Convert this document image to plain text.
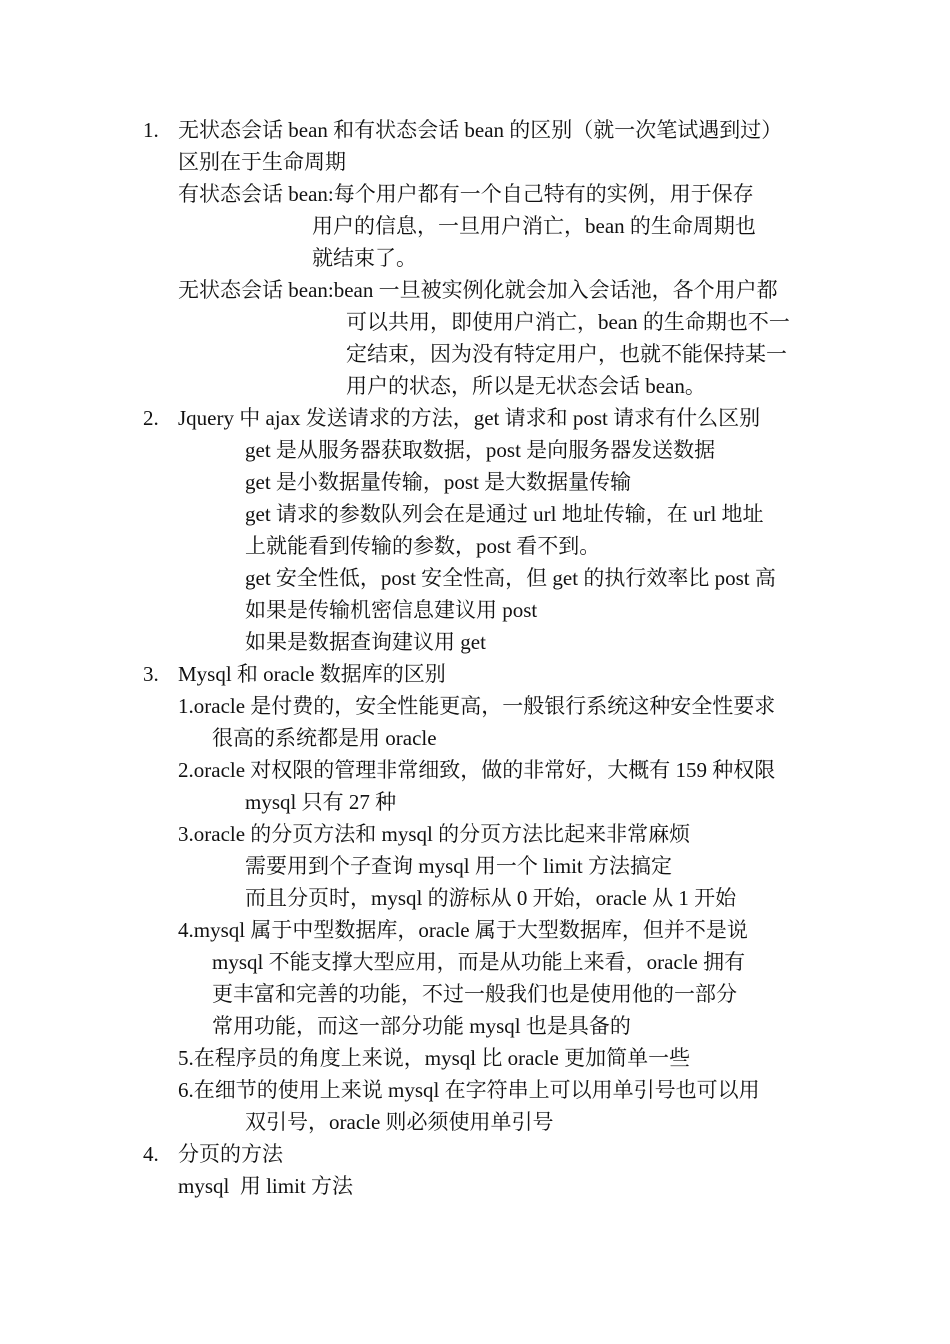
1. 无状态会话 bean 和有状态会话 bean 的区别（就一次笔试遇到过）
区别在于生命周期
有状态会话 bean:每个用户都有一个自己特有的实例，用于保存
用户的信息，一旦用户消亡，bean 的生命周期也
就结束了。
无状态会话 bean:bean 一旦被实例化就会加入会话池，各个用户都
可以共用，即使用户消亡，bean 的生命期也不一
定结束，因为没有特定用户，也就不能保持某一
用户的状态，所以是无状态会话 bean。
2. Jquery 中 ajax 发送请求的方法，get 请求和 post 请求有什么区别
get 是从服务器获取数据，post 是向服务器发送数据
get 是小数据量传输，post 是大数据量传输
get 请求的参数队列会在是通过 url 地址传输，在 url 地址
上就能看到传输的参数，post 看不到。
get 安全性低，post 安全性高，但 get 的执行效率比 post 高
如果是传输机密信息建议用 post
如果是数据查询建议用 get
3. Mysql 和 oracle 数据库的区别
1.oracle 是付费的，安全性能更高，一般银行系统这种安全性要求
很高的系统都是用 oracle
2.oracle 对权限的管理非常细致，做的非常好，大概有 159 种权限
mysql 只有 27 种
3.oracle 的分页方法和 mysql 的分页方法比起来非常麻烦
需要用到个子查询 mysql 用一个 limit 方法搞定
而且分页时，mysql 的游标从 0 开始，oracle 从 1 开始
4.mysql 属于中型数据库，oracle 属于大型数据库，但并不是说
mysql 不能支撑大型应用，而是从功能上来看，oracle 拥有
更丰富和完善的功能，不过一般我们也是使用他的一部分
常用功能，而这一部分功能 mysql 也是具备的
5.在程序员的角度上来说，mysql 比 oracle 更加简单一些
6.在细节的使用上来说 mysql 在字符串上可以用单引号也可以用
双引号，oracle 则必须使用单引号
4. 分页的方法
mysql  用 limit 方法
